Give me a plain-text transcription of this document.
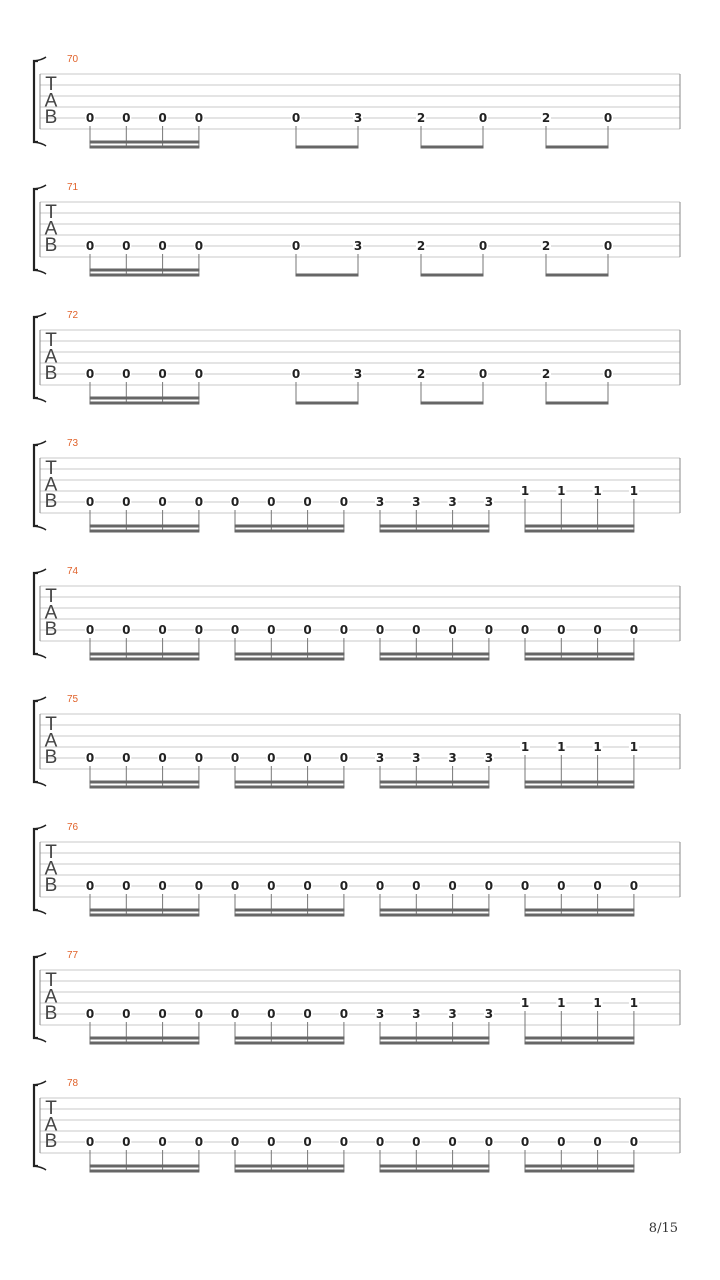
70
T
A
B 0 0 0 0	0	3	2	0	2	0
71
T
A
B 0 0 0 0	0	3	2	0	2	0
72
T
A
B 0 0 0 0	0	3	2	0	2	0
73
T
A
B 0 0 0 0 0 0 0 0 3 3 3 3
1 1 1 1
74
T
A
B 0 0 0 0 0 0 0 0 0 0 0 0 0 0 0 0
75
T
A
B 0 0 0 0 0 0 0 0 3 3 3 3
1 1 1 1
76
T
A
B 0 0 0 0 0 0 0 0 0 0 0 0 0 0 0 0
77
T
A
B 0 0 0 0 0 0 0 0 3 3 3 3
1 1 1 1
78
T
A
B 0 0 0 0 0 0 0 0 0 0 0 0 0 0 0 0
8/15
